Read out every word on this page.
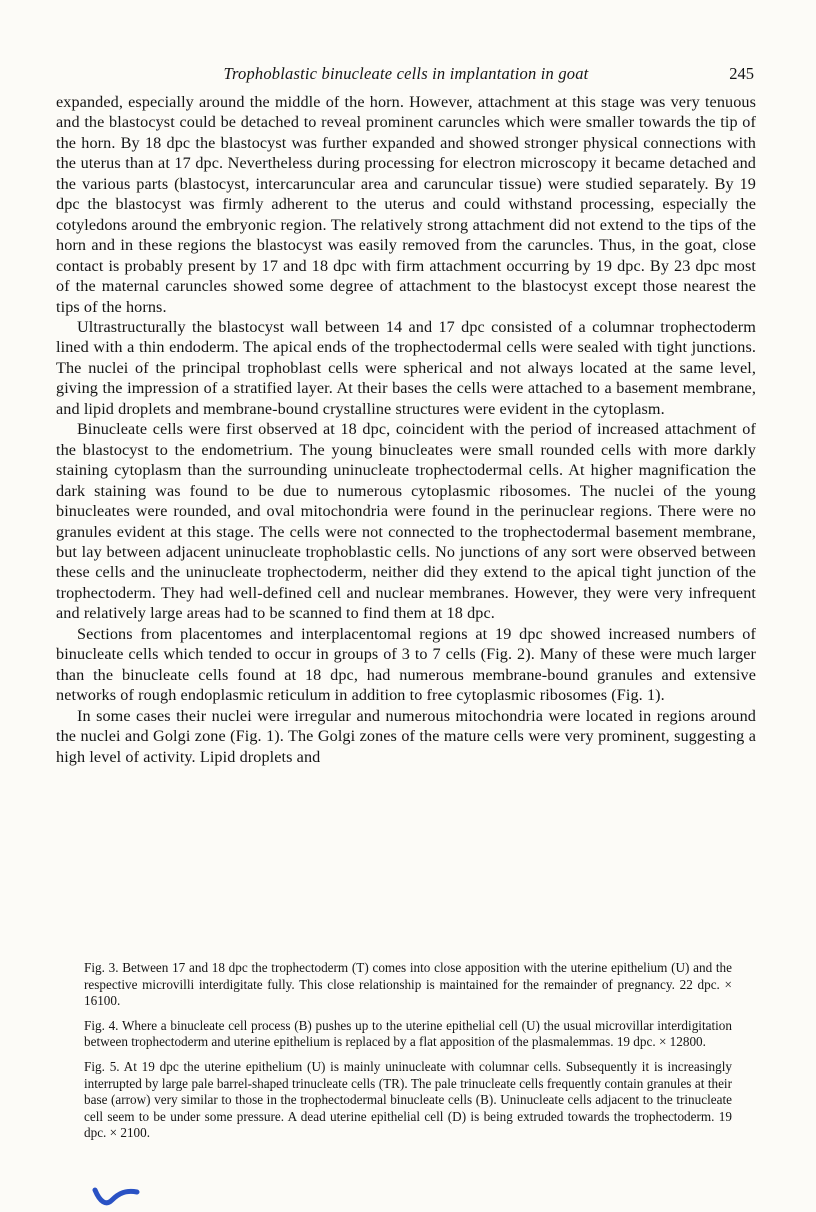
Trophoblastic binucleate cells in implantation in goat	245

expanded, especially around the middle of the horn. However, attachment at this stage was very tenuous and the blastocyst could be detached to reveal prominent caruncles which were smaller towards the tip of the horn. By 18 dpc the blastocyst was further expanded and showed stronger physical connections with the uterus than at 17 dpc. Nevertheless during processing for electron microscopy it became detached and the various parts (blastocyst, intercaruncular area and caruncular tissue) were studied separately. By 19 dpc the blastocyst was firmly adherent to the uterus and could withstand processing, especially the cotyledons around the embryonic region. The relatively strong attachment did not extend to the tips of the horn and in these regions the blastocyst was easily removed from the caruncles. Thus, in the goat, close contact is probably present by 17 and 18 dpc with firm attachment occurring by 19 dpc. By 23 dpc most of the maternal caruncles showed some degree of attachment to the blastocyst except those nearest the tips of the horns.

Ultrastructurally the blastocyst wall between 14 and 17 dpc consisted of a columnar trophectoderm lined with a thin endoderm. The apical ends of the trophectodermal cells were sealed with tight junctions. The nuclei of the principal trophoblast cells were spherical and not always located at the same level, giving the impression of a stratified layer. At their bases the cells were attached to a basement membrane, and lipid droplets and membrane-bound crystalline structures were evident in the cytoplasm.

Binucleate cells were first observed at 18 dpc, coincident with the period of increased attachment of the blastocyst to the endometrium. The young binucleates were small rounded cells with more darkly staining cytoplasm than the surrounding uninucleate trophectodermal cells. At higher magnification the dark staining was found to be due to numerous cytoplasmic ribosomes. The nuclei of the young binucleates were rounded, and oval mitochondria were found in the perinuclear regions. There were no granules evident at this stage. The cells were not connected to the trophectodermal basement membrane, but lay between adjacent uninucleate trophoblastic cells. No junctions of any sort were observed between these cells and the uninucleate trophectoderm, neither did they extend to the apical tight junction of the trophectoderm. They had well-defined cell and nuclear membranes. However, they were very infrequent and relatively large areas had to be scanned to find them at 18 dpc.

Sections from placentomes and interplacentomal regions at 19 dpc showed increased numbers of binucleate cells which tended to occur in groups of 3 to 7 cells (Fig. 2). Many of these were much larger than the binucleate cells found at 18 dpc, had numerous membrane-bound granules and extensive networks of rough endoplasmic reticulum in addition to free cytoplasmic ribosomes (Fig. 1).

In some cases their nuclei were irregular and numerous mitochondria were located in regions around the nuclei and Golgi zone (Fig. 1). The Golgi zones of the mature cells were very prominent, suggesting a high level of activity. Lipid droplets and

Fig. 3. Between 17 and 18 dpc the trophectoderm (T) comes into close apposition with the uterine epithelium (U) and the respective microvilli interdigitate fully. This close relationship is maintained for the remainder of pregnancy. 22 dpc. × 16100.

Fig. 4. Where a binucleate cell process (B) pushes up to the uterine epithelial cell (U) the usual microvillar interdigitation between trophectoderm and uterine epithelium is replaced by a flat apposition of the plasmalemmas. 19 dpc. × 12800.

Fig. 5. At 19 dpc the uterine epithelium (U) is mainly uninucleate with columnar cells. Subsequently it is increasingly interrupted by large pale barrel-shaped trinucleate cells (TR). The pale trinucleate cells frequently contain granules at their base (arrow) very similar to those in the trophectodermal binucleate cells (B). Uninucleate cells adjacent to the trinucleate cell seem to be under some pressure. A dead uterine epithelial cell (D) is being extruded towards the trophectoderm. 19 dpc. × 2100.
